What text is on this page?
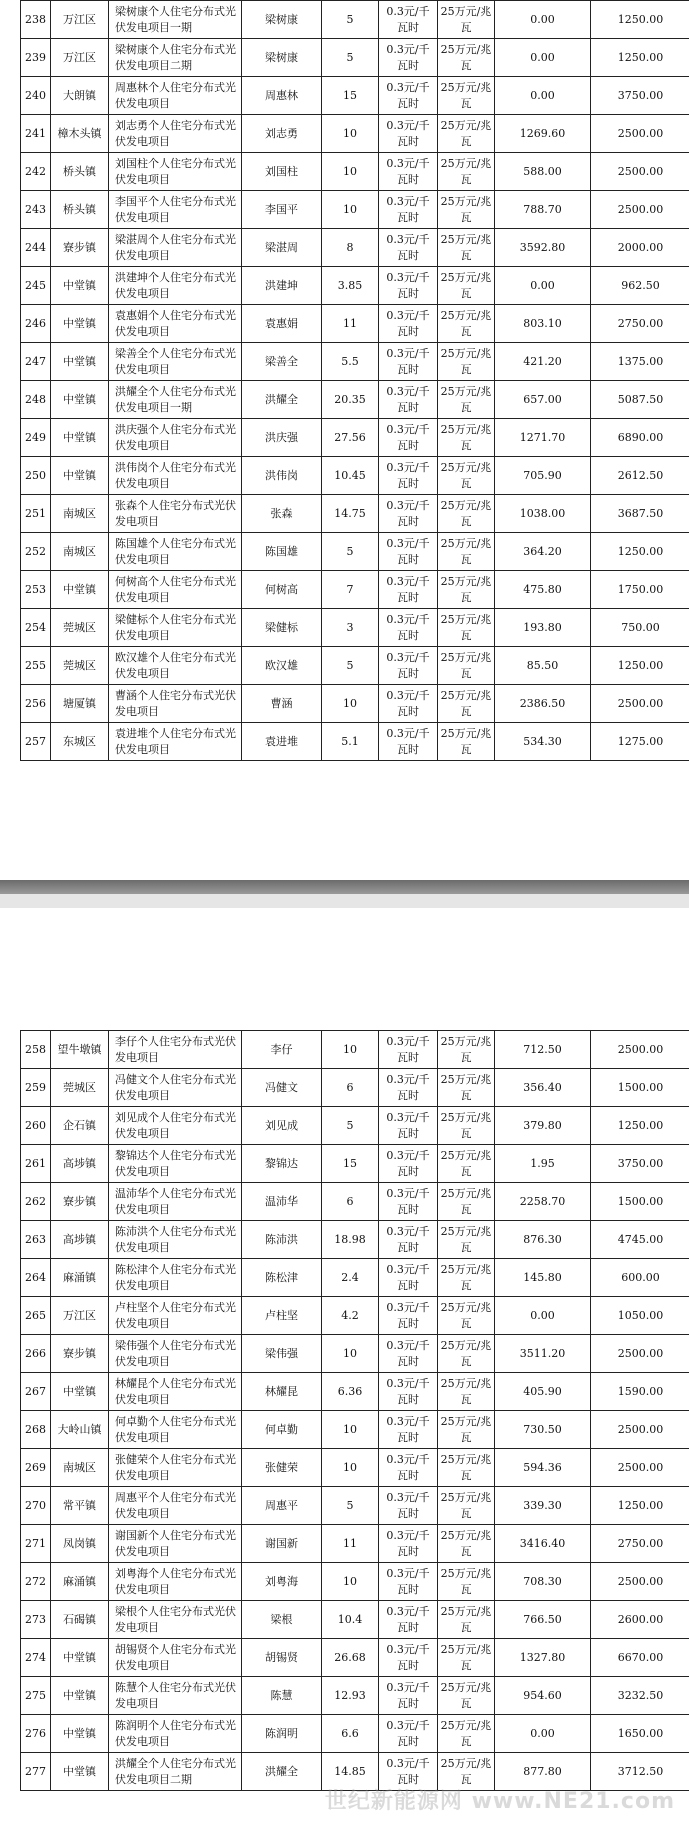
238	万江区	梁树康个人住宅分布式光伏发电项目一期	梁树康	5	0.3元/千瓦时	25万元/兆瓦	0.00	1250.00
239	万江区	梁树康个人住宅分布式光伏发电项目二期	梁树康	5	0.3元/千瓦时	25万元/兆瓦	0.00	1250.00
240	大朗镇	周惠林个人住宅分布式光伏发电项目	周惠林	15	0.3元/千瓦时	25万元/兆瓦	0.00	3750.00
241	樟木头镇	刘志勇个人住宅分布式光伏发电项目	刘志勇	10	0.3元/千瓦时	25万元/兆瓦	1269.60	2500.00
242	桥头镇	刘国柱个人住宅分布式光伏发电项目	刘国柱	10	0.3元/千瓦时	25万元/兆瓦	588.00	2500.00
243	桥头镇	李国平个人住宅分布式光伏发电项目	李国平	10	0.3元/千瓦时	25万元/兆瓦	788.70	2500.00
244	寮步镇	梁湛周个人住宅分布式光伏发电项目	梁湛周	8	0.3元/千瓦时	25万元/兆瓦	3592.80	2000.00
245	中堂镇	洪建坤个人住宅分布式光伏发电项目	洪建坤	3.85	0.3元/千瓦时	25万元/兆瓦	0.00	962.50
246	中堂镇	袁惠娟个人住宅分布式光伏发电项目	袁惠娟	11	0.3元/千瓦时	25万元/兆瓦	803.10	2750.00
247	中堂镇	梁善全个人住宅分布式光伏发电项目	梁善全	5.5	0.3元/千瓦时	25万元/兆瓦	421.20	1375.00
248	中堂镇	洪耀全个人住宅分布式光伏发电项目一期	洪耀全	20.35	0.3元/千瓦时	25万元/兆瓦	657.00	5087.50
249	中堂镇	洪庆强个人住宅分布式光伏发电项目	洪庆强	27.56	0.3元/千瓦时	25万元/兆瓦	1271.70	6890.00
250	中堂镇	洪伟岗个人住宅分布式光伏发电项目	洪伟岗	10.45	0.3元/千瓦时	25万元/兆瓦	705.90	2612.50
251	南城区	张森个人住宅分布式光伏发电项目	张森	14.75	0.3元/千瓦时	25万元/兆瓦	1038.00	3687.50
252	南城区	陈国雄个人住宅分布式光伏发电项目	陈国雄	5	0.3元/千瓦时	25万元/兆瓦	364.20	1250.00
253	中堂镇	何树高个人住宅分布式光伏发电项目	何树高	7	0.3元/千瓦时	25万元/兆瓦	475.80	1750.00
254	莞城区	梁健标个人住宅分布式光伏发电项目	梁健标	3	0.3元/千瓦时	25万元/兆瓦	193.80	750.00
255	莞城区	欧汉雄个人住宅分布式光伏发电项目	欧汉雄	5	0.3元/千瓦时	25万元/兆瓦	85.50	1250.00
256	塘厦镇	曹涵个人住宅分布式光伏发电项目	曹涵	10	0.3元/千瓦时	25万元/兆瓦	2386.50	2500.00
257	东城区	袁进堆个人住宅分布式光伏发电项目	袁进堆	5.1	0.3元/千瓦时	25万元/兆瓦	534.30	1275.00
258	望牛墩镇	李仔个人住宅分布式光伏发电项目	李仔	10	0.3元/千瓦时	25万元/兆瓦	712.50	2500.00
259	莞城区	冯健文个人住宅分布式光伏发电项目	冯健文	6	0.3元/千瓦时	25万元/兆瓦	356.40	1500.00
260	企石镇	刘见成个人住宅分布式光伏发电项目	刘见成	5	0.3元/千瓦时	25万元/兆瓦	379.80	1250.00
261	高埗镇	黎锦达个人住宅分布式光伏发电项目	黎锦达	15	0.3元/千瓦时	25万元/兆瓦	1.95	3750.00
262	寮步镇	温沛华个人住宅分布式光伏发电项目	温沛华	6	0.3元/千瓦时	25万元/兆瓦	2258.70	1500.00
263	高埗镇	陈沛洪个人住宅分布式光伏发电项目	陈沛洪	18.98	0.3元/千瓦时	25万元/兆瓦	876.30	4745.00
264	麻涌镇	陈松津个人住宅分布式光伏发电项目	陈松津	2.4	0.3元/千瓦时	25万元/兆瓦	145.80	600.00
265	万江区	卢柱坚个人住宅分布式光伏发电项目	卢柱坚	4.2	0.3元/千瓦时	25万元/兆瓦	0.00	1050.00
266	寮步镇	梁伟强个人住宅分布式光伏发电项目	梁伟强	10	0.3元/千瓦时	25万元/兆瓦	3511.20	2500.00
267	中堂镇	林耀昆个人住宅分布式光伏发电项目	林耀昆	6.36	0.3元/千瓦时	25万元/兆瓦	405.90	1590.00
268	大岭山镇	何卓勤个人住宅分布式光伏发电项目	何卓勤	10	0.3元/千瓦时	25万元/兆瓦	730.50	2500.00
269	南城区	张健荣个人住宅分布式光伏发电项目	张健荣	10	0.3元/千瓦时	25万元/兆瓦	594.36	2500.00
270	常平镇	周惠平个人住宅分布式光伏发电项目	周惠平	5	0.3元/千瓦时	25万元/兆瓦	339.30	1250.00
271	凤岗镇	谢国新个人住宅分布式光伏发电项目	谢国新	11	0.3元/千瓦时	25万元/兆瓦	3416.40	2750.00
272	麻涌镇	刘粤海个人住宅分布式光伏发电项目	刘粤海	10	0.3元/千瓦时	25万元/兆瓦	708.30	2500.00
273	石碣镇	梁根个人住宅分布式光伏发电项目	梁根	10.4	0.3元/千瓦时	25万元/兆瓦	766.50	2600.00
274	中堂镇	胡锡贤个人住宅分布式光伏发电项目	胡锡贤	26.68	0.3元/千瓦时	25万元/兆瓦	1327.80	6670.00
275	中堂镇	陈慧个人住宅分布式光伏发电项目	陈慧	12.93	0.3元/千瓦时	25万元/兆瓦	954.60	3232.50
276	中堂镇	陈润明个人住宅分布式光伏发电项目	陈润明	6.6	0.3元/千瓦时	25万元/兆瓦	0.00	1650.00
277	中堂镇	洪耀全个人住宅分布式光伏发电项目二期	洪耀全	14.85	0.3元/千瓦时	25万元/兆瓦	877.80	3712.50
世纪新能源网 www.NE21.com
